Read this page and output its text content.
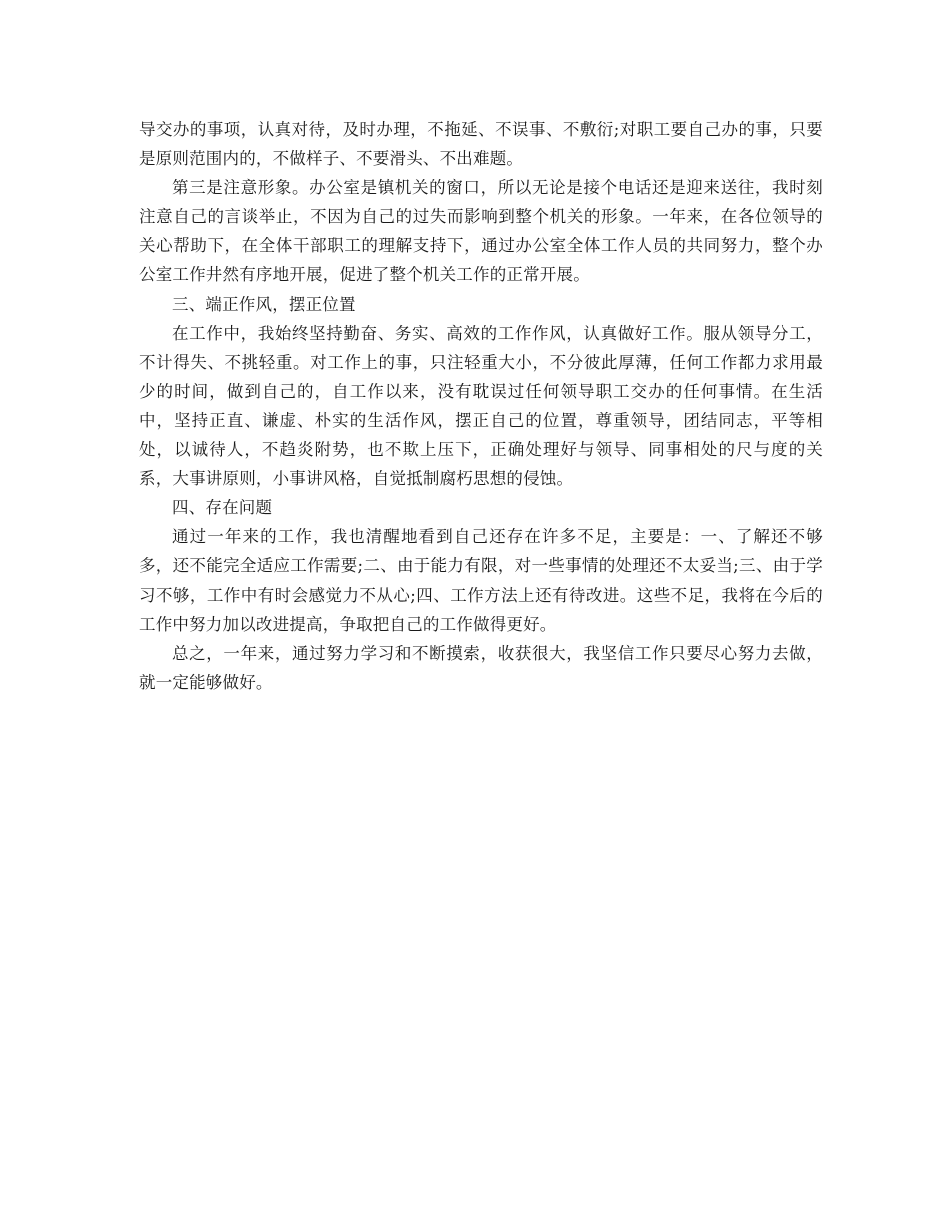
导交办的事项，认真对待，及时办理，不拖延、不误事、不敷衍;对职工要自己办的事，只要是原则范围内的，不做样子、不要滑头、不出难题。

第三是注意形象。办公室是镇机关的窗口，所以无论是接个电话还是迎来送往，我时刻注意自己的言谈举止，不因为自己的过失而影响到整个机关的形象。一年来，在各位领导的关心帮助下，在全体干部职工的理解支持下，通过办公室全体工作人员的共同努力，整个办公室工作井然有序地开展，促进了整个机关工作的正常开展。

三、端正作风，摆正位置

在工作中，我始终坚持勤奋、务实、高效的工作作风，认真做好工作。服从领导分工，不计得失、不挑轻重。对工作上的事，只注轻重大小，不分彼此厚薄，任何工作都力求用最少的时间，做到自己的，自工作以来，没有耽误过任何领导职工交办的任何事情。在生活中，坚持正直、谦虚、朴实的生活作风，摆正自己的位置，尊重领导，团结同志，平等相处，以诚待人，不趋炎附势，也不欺上压下，正确处理好与领导、同事相处的尺与度的关系，大事讲原则，小事讲风格，自觉抵制腐朽思想的侵蚀。

四、存在问题

通过一年来的工作，我也清醒地看到自己还存在许多不足，主要是：一、了解还不够多，还不能完全适应工作需要;二、由于能力有限，对一些事情的处理还不太妥当;三、由于学习不够，工作中有时会感觉力不从心;四、工作方法上还有待改进。这些不足，我将在今后的工作中努力加以改进提高，争取把自己的工作做得更好。

总之，一年来，通过努力学习和不断摸索，收获很大，我坚信工作只要尽心努力去做，就一定能够做好。
